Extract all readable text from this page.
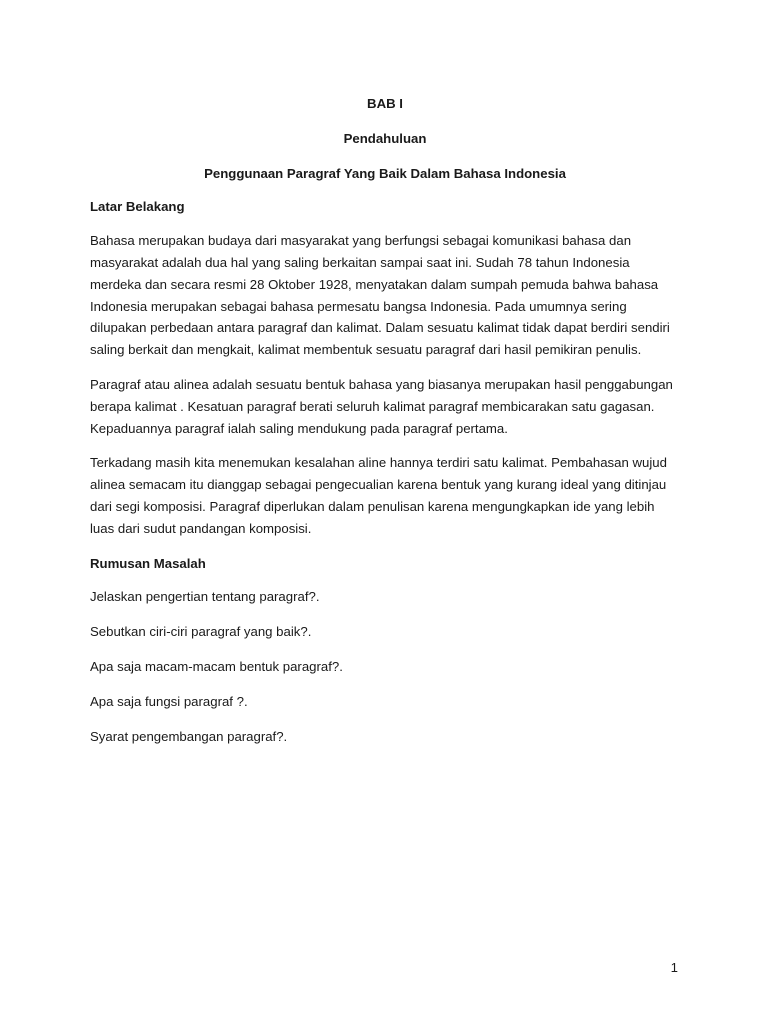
BAB I
Pendahuluan
Penggunaan Paragraf Yang Baik Dalam Bahasa Indonesia
Latar Belakang

Bahasa merupakan budaya dari masyarakat yang berfungsi sebagai komunikasi bahasa dan masyarakat adalah dua hal yang saling berkaitan sampai saat ini. Sudah 78 tahun Indonesia merdeka dan secara resmi 28 Oktober 1928, menyatakan dalam sumpah pemuda bahwa bahasa Indonesia merupakan sebagai bahasa permesatu bangsa Indonesia. Pada umumnya sering dilupakan perbedaan antara paragraf dan kalimat. Dalam sesuatu kalimat tidak dapat berdiri sendiri saling berkait dan mengkait, kalimat membentuk sesuatu paragraf dari hasil pemikiran penulis.

Paragraf atau alinea adalah sesuatu bentuk bahasa yang biasanya merupakan hasil penggabungan berapa kalimat . Kesatuan paragraf berati seluruh kalimat paragraf membicarakan satu gagasan. Kepaduannya paragraf ialah saling mendukung pada paragraf pertama.

Terkadang masih kita menemukan kesalahan aline hannya terdiri satu kalimat. Pembahasan wujud alinea semacam itu dianggap sebagai pengecualian karena bentuk yang kurang ideal yang ditinjau dari segi komposisi. Paragraf diperlukan dalam penulisan karena mengungkapkan ide yang lebih luas dari sudut pandangan komposisi.

Rumusan Masalah
Jelaskan pengertian tentang paragraf?.
Sebutkan ciri-ciri paragraf yang baik?.
Apa saja macam-macam bentuk paragraf?.
Apa saja fungsi paragraf ?.
Syarat pengembangan paragraf?.
1
